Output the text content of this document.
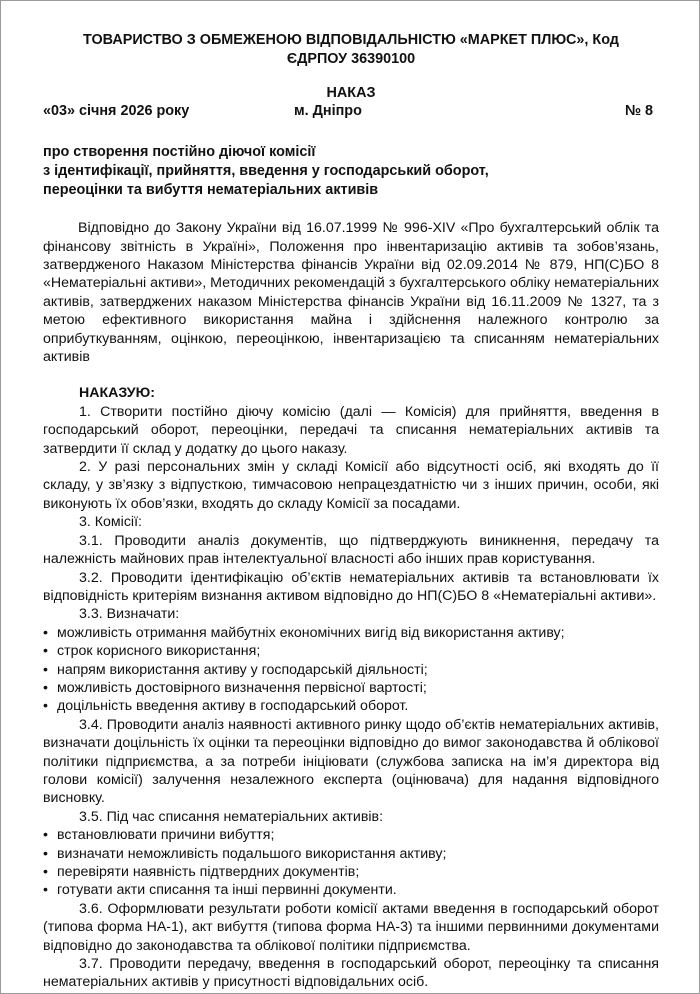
ТОВАРИСТВО З ОБМЕЖЕНОЮ ВІДПОВІДАЛЬНІСТЮ «МАРКЕТ ПЛЮС», Код
ЄДРПОУ 36390100
НАКАЗ
«03» січня 2026 року	м. Дніпро	№ 8
про створення постійно діючої комісії
з ідентифікації, прийняття, введення у господарський оборот,
переоцінки та вибуття нематеріальних активів
Відповідно до Закону України від 16.07.1999 № 996-XIV «Про бухгалтерський облік та фінансову звітність в Україні», Положення про інвентаризацію активів та зобов’язань, затвердженого Наказом Міністерства фінансів України від 02.09.2014 № 879, НП(С)БО 8 «Нематеріальні активи», Методичних рекомендацій з бухгалтерського обліку нематеріальних активів, затверджених наказом Міністерства фінансів України від 16.11.2009 № 1327, та з метою ефективного використання майна і здійснення належного контролю за оприбуткуванням, оцінкою, переоцінкою, інвентаризацією та списанням нематеріальних активів
НАКАЗУЮ:
1. Створити постійно діючу комісію (далі — Комісія) для прийняття, введення в господарський оборот, переоцінки, передачі та списання нематеріальних активів та затвердити її склад у додатку до цього наказу.
2. У разі персональних змін у складі Комісії або відсутності осіб, які входять до її складу, у зв’язку з відпусткою, тимчасовою непрацездатністю чи з інших причин, особи, які виконують їх обов’язки, входять до складу Комісії за посадами.
3. Комісії:
3.1. Проводити аналіз документів, що підтверджують виникнення, передачу та належність майнових прав інтелектуальної власності або інших прав користування.
3.2. Проводити ідентифікацію об’єктів нематеріальних активів та встановлювати їх відповідність критеріям визнання активом відповідно до НП(С)БО 8 «Нематеріальні активи».
3.3. Визначати:
• можливість отримання майбутніх економічних вигід від використання активу;
• строк корисного використання;
• напрям використання активу у господарській діяльності;
• можливість достовірного визначення первісної вартості;
• доцільність введення активу в господарський оборот.
3.4. Проводити аналіз наявності активного ринку щодо об’єктів нематеріальних активів, визначати доцільність їх оцінки та переоцінки відповідно до вимог законодавства й облікової політики підприємства, а за потреби ініціювати (службова записка на ім’я директора від голови комісії) залучення незалежного експерта (оцінювача) для надання відповідного висновку.
3.5. Під час списання нематеріальних активів:
• встановлювати причини вибуття;
• визначати неможливість подальшого використання активу;
• перевіряти наявність підтвердних документів;
• готувати акти списання та інші первинні документи.
3.6. Оформлювати результати роботи комісії актами введення в господарський оборот (типова форма НА-1), акт вибуття (типова форма НА-3) та іншими первинними документами відповідно до законодавства та облікової політики підприємства.
3.7. Проводити передачу, введення в господарський оборот, переоцінку та списання нематеріальних активів у присутності відповідальних осіб.
